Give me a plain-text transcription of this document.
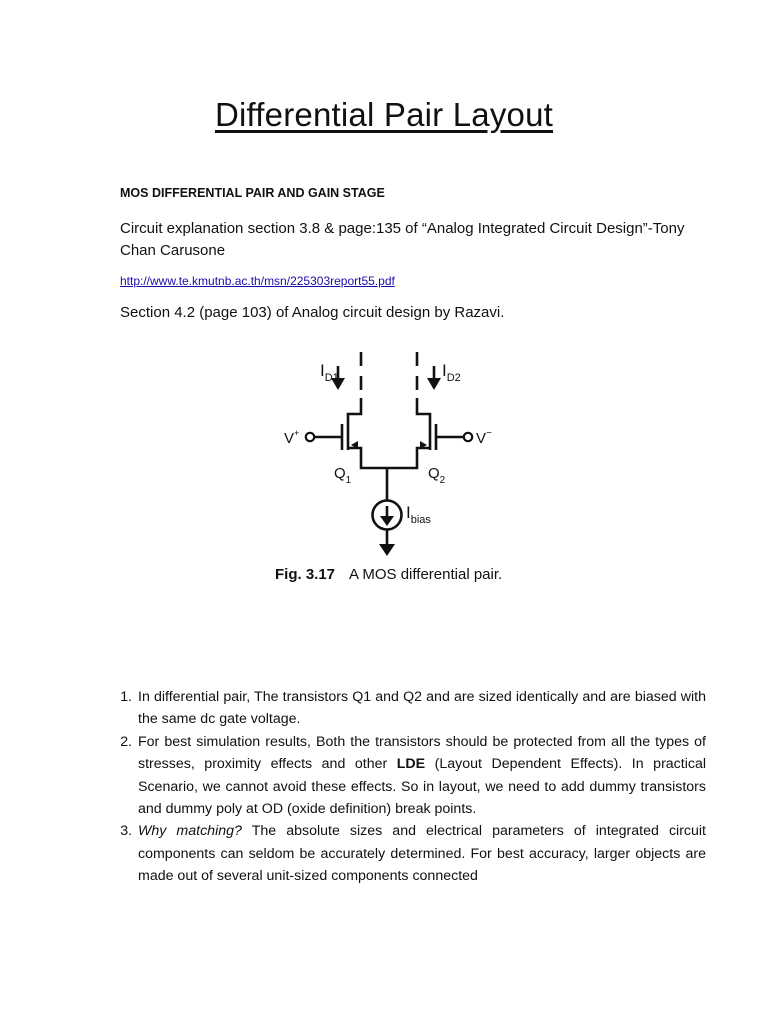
Differential Pair Layout
MOS DIFFERENTIAL PAIR AND GAIN STAGE
Circuit explanation section 3.8 & page:135 of “Analog Integrated Circuit Design”-Tony Chan Carusone
http://www.te.kmutnb.ac.th/msn/225303report55.pdf
Section 4.2 (page 103) of Analog circuit design by Razavi.
$I_{D1}$	$I_{D2}$
V+	V−
$Q_1$	$Q_2$
$I_{bias}$
Fig. 3.17 A MOS differential pair.
1. In differential pair, The transistors Q1 and Q2 and are sized identically and are biased with the same dc gate voltage.
2. For best simulation results, Both the transistors should be protected from all the types of stresses, proximity effects and other LDE (Layout Dependent Effects). In practical Scenario, we cannot avoid these effects. So in layout, we need to add dummy transistors and dummy poly at OD (oxide definition) break points.
3. Why matching? The absolute sizes and electrical parameters of integrated circuit components can seldom be accurately determined. For best accuracy, larger objects are made out of several unit-sized components connected
